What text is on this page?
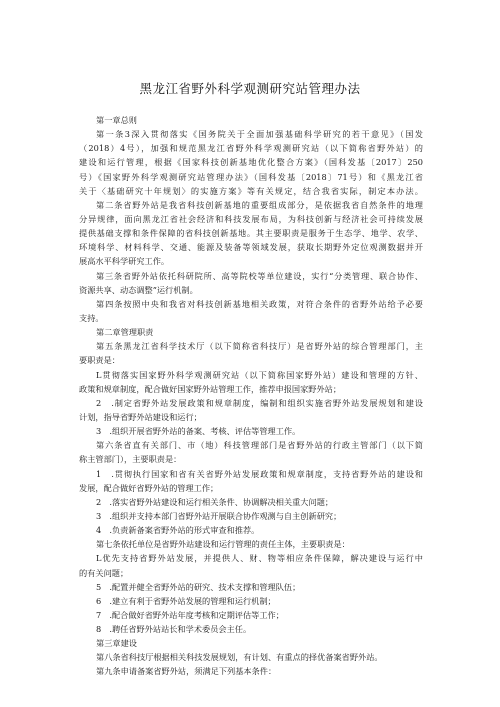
黑龙江省野外科学观测研究站管理办法
第一章总则
第一条3深入贯彻落实《国务院关于全面加强基础科学研究的若干意见》（国发
（2018）4号），加强和规范黑龙江省野外科学观测研究站（以下简称省野外站）的
建设和运行管理，根据《国家科技创新基地优化整合方案》（国科发基〔2017〕250
号）《国家野外科学观测研究站管理办法》（国科发基〔2018〕71号）和《黑龙江省
关于〈基础研究十年规划〉的实施方案》等有关规定，结合我省实际，制定本办法。
第二条省野外站是我省科技创新基地的重要组成部分，是依据我省自然条件的地理
分异规律，面向黑龙江省社会经济和科技发展布局，为科技创新与经济社会可持续发展
提供基础支撑和条件保障的省科技创新基地。其主要职责是服务于生态学、地学、农学、
环境科学、材料科学、交通、能源及装备等领域发展，获取长期野外定位观测数据并开
展高水平科学研究工作。
第三条省野外站依托科研院所、高等院校等单位建设，实行“分类管理、联合协作、
资源共享、动态调整”运行机制。
第四条按照中央和我省对科技创新基地相关政策，对符合条件的省野外站给予必要
支持。
第二章管理职责
第五条黑龙江省科学技术厅（以下简称省科技厅）是省野外站的综合管理部门，主
要职责是：
L贯彻落实国家野外科学观测研究站（以下简称国家野外站）建设和管理的方针、
政策和规章制度，配合做好国家野外站管理工作，推荐申报国家野外站；
2　.制定省野外站发展政策和规章制度，编制和组织实施省野外站发展规划和建设
计划，指导省野外站建设和运行；
3　.组织开展省野外站的备案、考核、评估等管理工作。
第六条省直有关部门、市（地）科技管理部门是省野外站的行政主管部门（以下简
称主管部门），主要职责是：
1　.贯彻执行国家和省有关省野外站发展政策和规章制度，支持省野外站的建设和
发展，配合做好省野外站的管理工作；
2　.落实省野外站建设和运行相关条件、协调解决相关重大问题；
3　.组织并支持本部门省野外站开展联合协作观测与自主创新研究；
4　.负责新备案省野外站的形式审查和推荐。
第七条依托单位是省野外站建设和运行管理的责任主体，主要职责是：
L优先支持省野外站发展，并提供人、财、物等相应条件保障，解决建设与运行中
的有关问题；
5　.配置并健全省野外站的研究、技术支撑和管理队伍；
6　.建立有利于省野外站发展的管理和运行机制；
7　.配合做好省野外站年度考核和定期评估等工作；
8　.聘任省野外站站长和学术委员会主任。
第三章建设
第八条省科技厅根据相关科技发展规划，有计划、有重点的择优备案省野外站。
第九条申请备案省野外站，须满足下列基本条件：
